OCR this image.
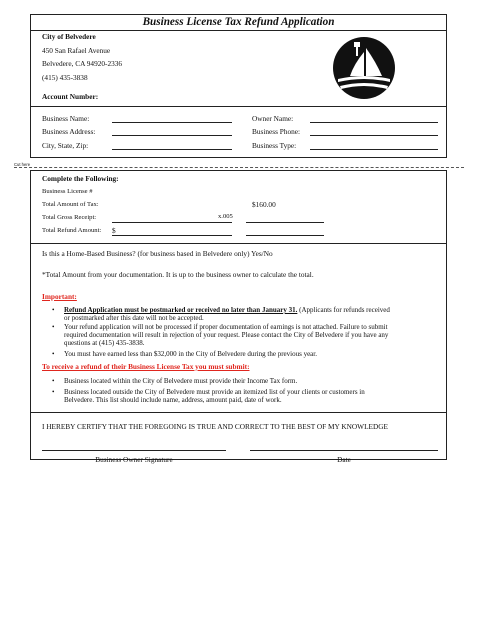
Business License Tax Refund Application
City of Belvedere
450 San Rafael Avenue
Belvedere, CA 94920-2336
(415) 435-3838
Account Number:
Business Name:
Business Address:
City, State, Zip:
Owner Name:
Business Phone:
Business Type:
Cut here
Complete the Following:
Business License #
Total Amount of Tax:	$160.00
Total Gross Receipt:	x.005
Total Refund Amount: $
Is this a Home-Based Business? (for business based in Belvedere only) Yes/No
*Total Amount from your documentation. It is up to the business owner to calculate the total.
Important:
• Refund Application must be postmarked or received no later than January 31. (Applicants for refunds received
or postmarked after this date will not be accepted.
• Your refund application will not be processed if proper documentation of earnings is not attached. Failure to submit
required documentation will result in rejection of your request. Please contact the City of Belvedere if you have any
questions at (415) 435-3838.
• You must have earned less than $32,000 in the City of Belvedere during the previous year.
To receive a refund of their Business License Tax you must submit:
• Business located within the City of Belvedere must provide their Income Tax form.
• Business located outside the City of Belvedere must provide an itemized list of your clients or customers in
Belvedere. This list should include name, address, amount paid, date of work.
I HEREBY CERTIFY THAT THE FOREGOING IS TRUE AND CORRECT TO THE BEST OF MY KNOWLEDGE
Business Owner Signature	Date
